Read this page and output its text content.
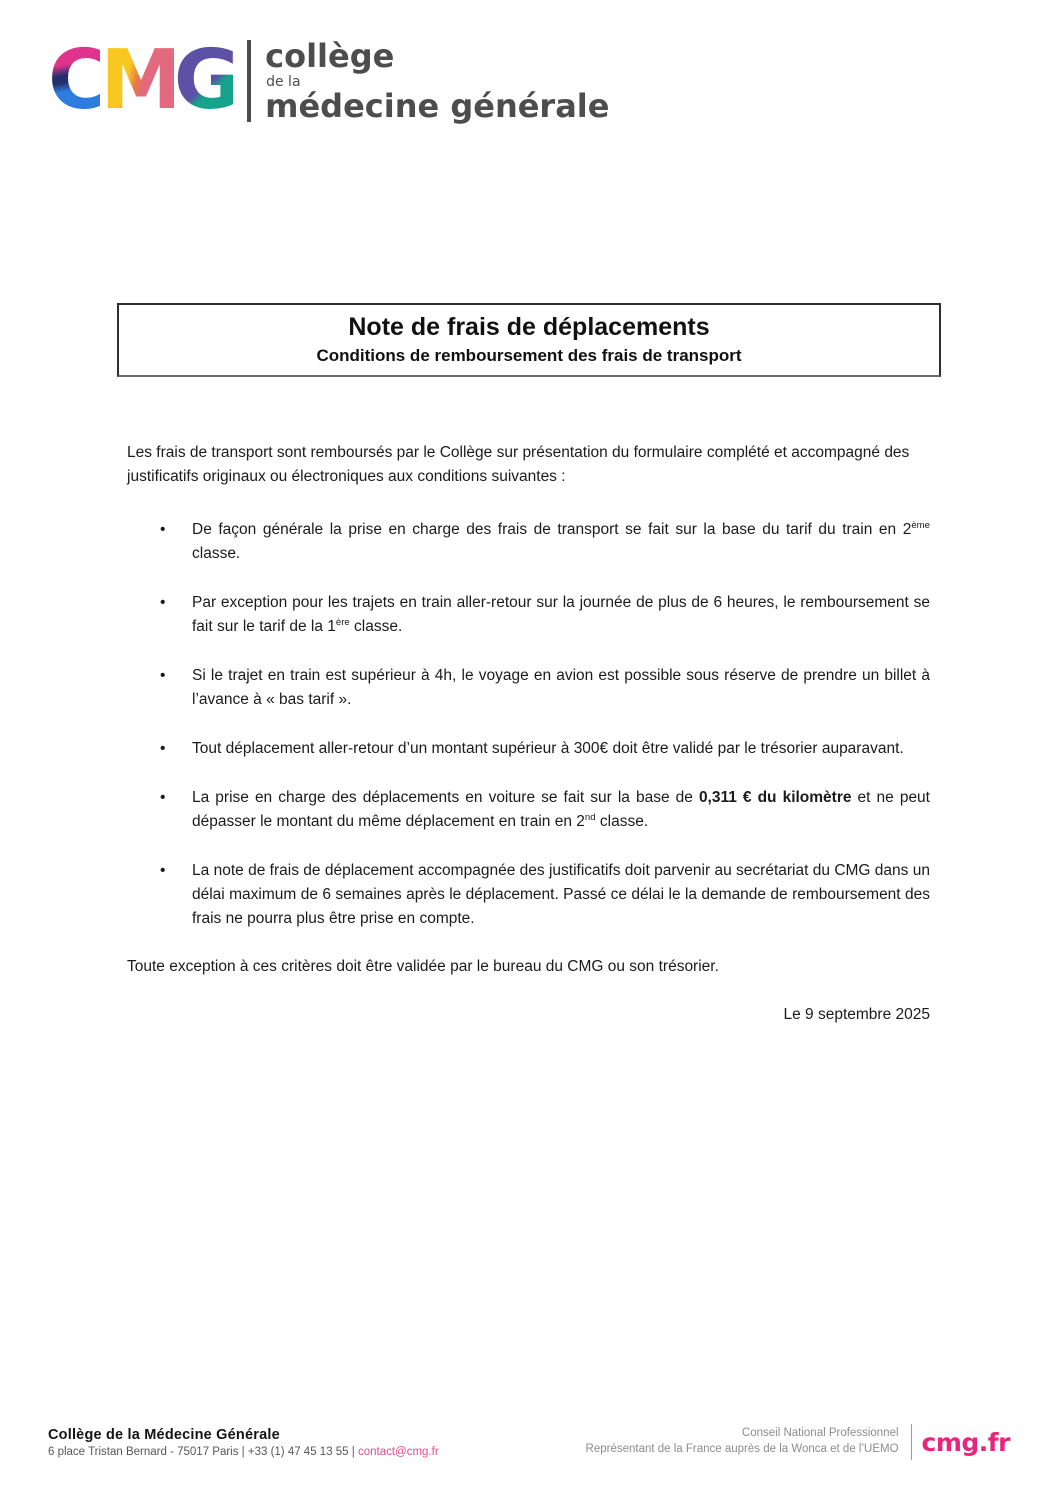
C M G collège
de la
médecine générale
Note de frais de déplacements
Conditions de remboursement des frais de transport

Les frais de transport sont remboursés par le Collège sur présentation du formulaire complété et accompagné des justificatifs originaux ou électroniques aux conditions suivantes :

• De façon générale la prise en charge des frais de transport se fait sur la base du tarif du train en 2ème classe.
• Par exception pour les trajets en train aller-retour sur la journée de plus de 6 heures, le remboursement se fait sur le tarif de la 1ère classe.
• Si le trajet en train est supérieur à 4h, le voyage en avion est possible sous réserve de prendre un billet à l’avance à « bas tarif ».
• Tout déplacement aller-retour d’un montant supérieur à 300€ doit être validé par le trésorier auparavant.
• La prise en charge des déplacements en voiture se fait sur la base de 0,311 € du kilomètre et ne peut dépasser le montant du même déplacement en train en 2nd classe.
• La note de frais de déplacement accompagnée des justificatifs doit parvenir au secrétariat du CMG dans un délai maximum de 6 semaines après le déplacement. Passé ce délai le la demande de remboursement des frais ne pourra plus être prise en compte.

Toute exception à ces critères doit être validée par le bureau du CMG ou son trésorier.

Le 9 septembre 2025

Collège de la Médecine Générale
6 place Tristan Bernard - 75017 Paris | +33 (1) 47 45 13 55 | contact@cmg.fr
Conseil National Professionnel
Représentant de la France auprès de la Wonca et de l’UEMO cmg.fr
